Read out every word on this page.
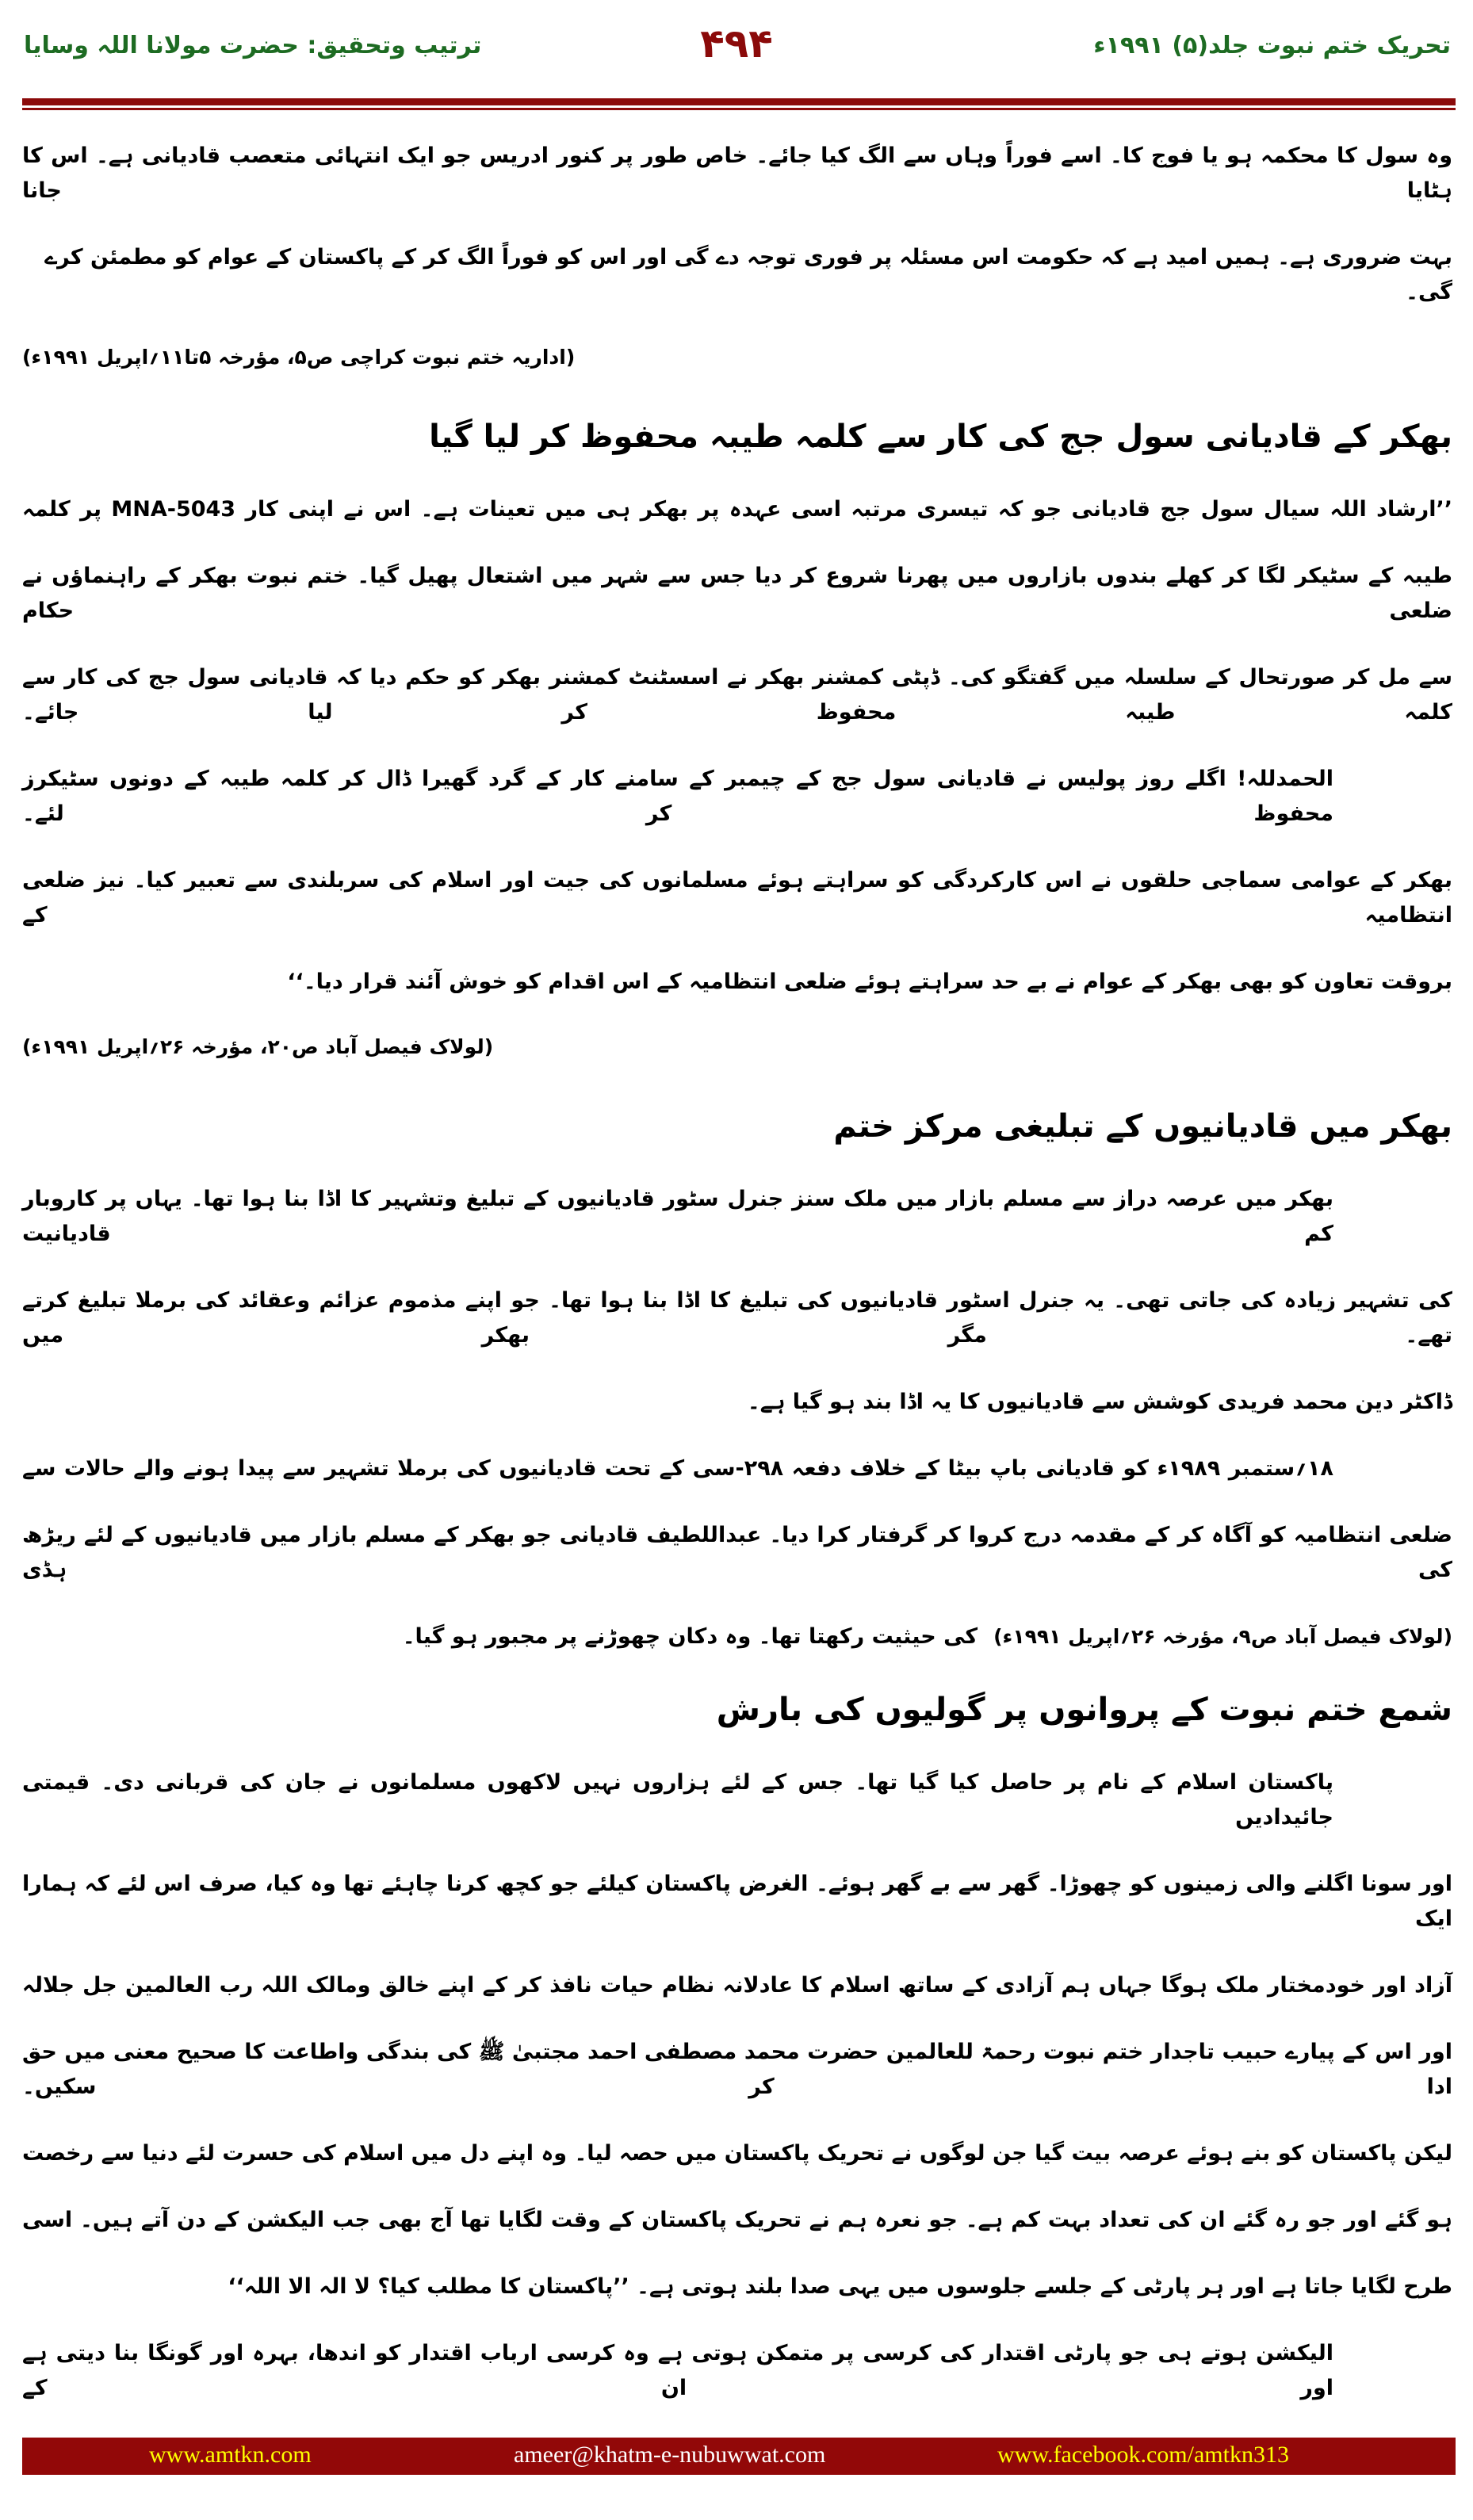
تحریک ختم نبوت جلد(۵) ۱۹۹۱ء
۴۹۴
ترتیب وتحقیق: حضرت مولانا اللہ وسایا
وہ سول کا محکمہ ہو یا فوج کا۔ اسے فوراً وہاں سے الگ کیا جائے۔ خاص طور پر کنور ادریس جو ایک انتہائی متعصب قادیانی ہے۔ اس کا ہٹایا جانا
بہت ضروری ہے۔ ہمیں امید ہے کہ حکومت اس مسئلہ پر فوری توجہ دے گی اور اس کو فوراً الگ کر کے پاکستان کے عوام کو مطمئن کرے گی۔
(اداریہ ختم نبوت کراچی ص۵، مؤرخہ ۵تا۱۱؍اپریل ۱۹۹۱ء)
بھکر کے قادیانی سول جج کی کار سے کلمہ طیبہ محفوظ کر لیا گیا
’’ارشاد اللہ سیال سول جج قادیانی جو کہ تیسری مرتبہ اسی عہدہ پر بھکر ہی میں تعینات ہے۔ اس نے اپنی کار MNA-5043 پر کلمہ
طیبہ کے سٹیکر لگا کر کھلے بندوں بازاروں میں پھرنا شروع کر دیا جس سے شہر میں اشتعال پھیل گیا۔ ختم نبوت بھکر کے راہنماؤں نے ضلعی حکام
سے مل کر صورتحال کے سلسلہ میں گفتگو کی۔ ڈپٹی کمشنر بھکر نے اسسٹنٹ کمشنر بھکر کو حکم دیا کہ قادیانی سول جج کی کار سے کلمہ طیبہ محفوظ کر لیا جائے۔
الحمدللہ! اگلے روز پولیس نے قادیانی سول جج کے چیمبر کے سامنے کار کے گرد گھیرا ڈال کر کلمہ طیبہ کے دونوں سٹیکرز محفوظ کر لئے۔
بھکر کے عوامی سماجی حلقوں نے اس کارکردگی کو سراہتے ہوئے مسلمانوں کی جیت اور اسلام کی سربلندی سے تعبیر کیا۔ نیز ضلعی انتظامیہ کے
بروقت تعاون کو بھی بھکر کے عوام نے بے حد سراہتے ہوئے ضلعی انتظامیہ کے اس اقدام کو خوش آئند قرار دیا۔‘‘
(لولاک فیصل آباد ص۲۰، مؤرخہ ۲۶؍اپریل ۱۹۹۱ء)
بھکر میں قادیانیوں کے تبلیغی مرکز ختم
بھکر میں عرصہ دراز سے مسلم بازار میں ملک سنز جنرل سٹور قادیانیوں کے تبلیغ وتشہیر کا اڈا بنا ہوا تھا۔ یہاں پر کاروبار کم قادیانیت
کی تشہیر زیادہ کی جاتی تھی۔ یہ جنرل اسٹور قادیانیوں کی تبلیغ کا اڈا بنا ہوا تھا۔ جو اپنے مذموم عزائم وعقائد کی برملا تبلیغ کرتے تھے۔ مگر بھکر میں
ڈاکٹر دین محمد فریدی کوشش سے قادیانیوں کا یہ اڈا بند ہو گیا ہے۔
۱۸؍ستمبر ۱۹۸۹ء کو قادیانی باپ بیٹا کے خلاف دفعہ ۲۹۸-سی کے تحت قادیانیوں کی برملا تشہیر سے پیدا ہونے والے حالات سے
ضلعی انتظامیہ کو آگاہ کر کے مقدمہ درج کروا کر گرفتار کرا دیا۔ عبداللطیف قادیانی جو بھکر کے مسلم بازار میں قادیانیوں کے لئے ریڑھ کی ہڈی
کی حیثیت رکھتا تھا۔ وہ دکان چھوڑنے پر مجبور ہو گیا۔ (لولاک فیصل آباد ص۹، مؤرخہ ۲۶؍اپریل ۱۹۹۱ء)
شمع ختم نبوت کے پروانوں پر گولیوں کی بارش
پاکستان اسلام کے نام پر حاصل کیا گیا تھا۔ جس کے لئے ہزاروں نہیں لاکھوں مسلمانوں نے جان کی قربانی دی۔ قیمتی جائیدادیں
اور سونا اگلنے والی زمینوں کو چھوڑا۔ گھر سے بے گھر ہوئے۔ الغرض پاکستان کیلئے جو کچھ کرنا چاہئے تھا وہ کیا، صرف اس لئے کہ ہمارا ایک
آزاد اور خودمختار ملک ہوگا جہاں ہم آزادی کے ساتھ اسلام کا عادلانہ نظام حیات نافذ کر کے اپنے خالق ومالک اللہ رب العالمین جل جلالہ
اور اس کے پیارے حبیب تاجدار ختم نبوت رحمۃ للعالمین حضرت محمد مصطفی احمد مجتبیٰ ﷺ کی بندگی واطاعت کا صحیح معنی میں حق ادا کر سکیں۔
لیکن پاکستان کو بنے ہوئے عرصہ بیت گیا جن لوگوں نے تحریک پاکستان میں حصہ لیا۔ وہ اپنے دل میں اسلام کی حسرت لئے دنیا سے رخصت
ہو گئے اور جو رہ گئے ان کی تعداد بہت کم ہے۔ جو نعرہ ہم نے تحریک پاکستان کے وقت لگایا تھا آج بھی جب الیکشن کے دن آتے ہیں۔ اسی
طرح لگایا جاتا ہے اور ہر پارٹی کے جلسے جلوسوں میں یہی صدا بلند ہوتی ہے۔ ’’پاکستان کا مطلب کیا؟ لا الہ الا اللہ‘‘
الیکشن ہوتے ہی جو پارٹی اقتدار کی کرسی پر متمکن ہوتی ہے وہ کرسی ارباب اقتدار کو اندھا، بہرہ اور گونگا بنا دیتی ہے اور ان کے
www.amtkn.com	ameer@khatm-e-nubuwwat.com	www.facebook.com/amtkn313
